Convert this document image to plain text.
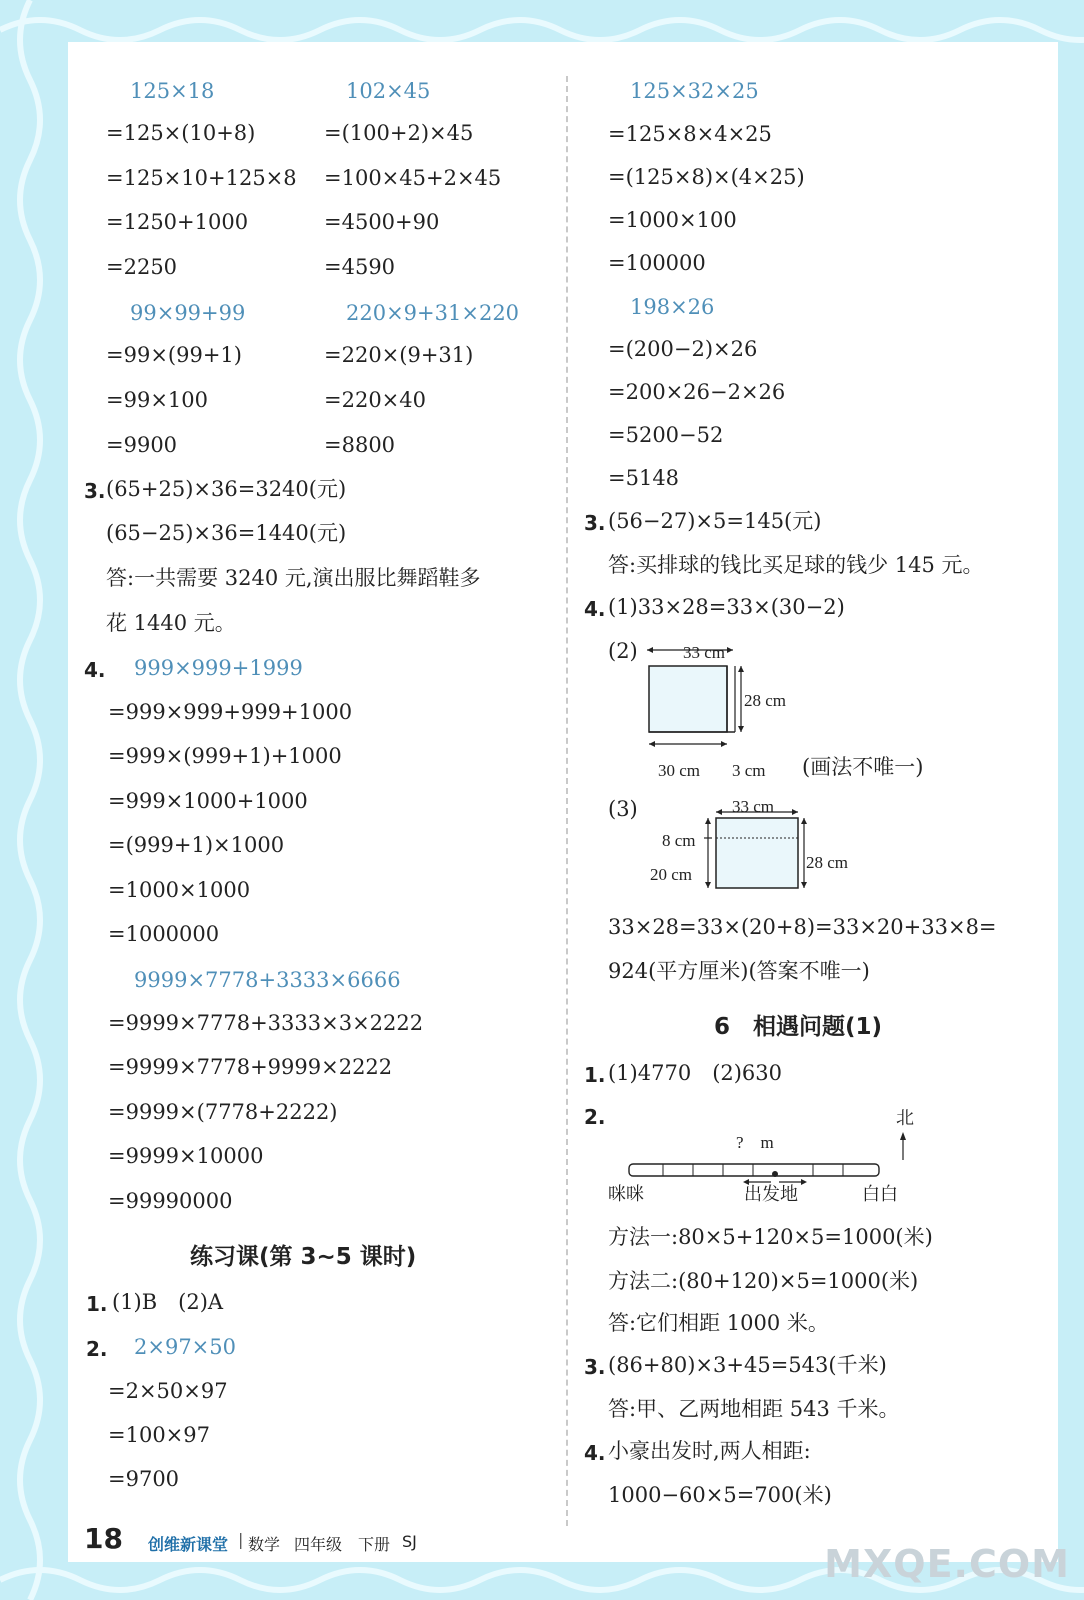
125×18
=125×(10+8)
=125×10+125×8
=1250+1000
=2250
102×45
=(100+2)×45
=100×45+2×45
=4500+90
=4590
99×99+99
=99×(99+1)
=99×100
=9900
220×9+31×220
=220×(9+31)
=220×40
=8800
3. (65+25)×36=3240(元)
(65−25)×36=1440(元)
答:一共需要 3240 元,演出服比舞蹈鞋多
花 1440 元。
4. 999×999+1999
=999×999+999+1000
=999×(999+1)+1000
=999×1000+1000
=(999+1)×1000
=1000×1000
=1000000
9999×7778+3333×6666
=9999×7778+3333×3×2222
=9999×7778+9999×2222
=9999×(7778+2222)
=9999×10000
=99990000
练习课(第 3~5 课时)
1. (1)B　(2)A
2. 2×97×50
=2×50×97
=100×97
=9700
125×32×25
=125×8×4×25
=(125×8)×(4×25)
=1000×100
=100000
198×26
=(200−2)×26
=200×26−2×26
=5200−52
=5148
3. (56−27)×5=145(元)
答:买排球的钱比买足球的钱少 145 元。
4. (1)33×28=33×(30−2)
(2)	33 cm
28 cm
30 cm 3 cm (画法不唯一)
(3)	33 cm
8 cm
20 cm
28 cm
33×28=33×(20+8)=33×20+33×8=
924(平方厘米)(答案不唯一)
6　相遇问题(1)
1. (1)4770　(2)630
2.	北
?　m
咪咪	出发地	白白
方法一:80×5+120×5=1000(米)
方法二:(80+120)×5=1000(米)
答:它们相距 1000 米。
3. (86+80)×3+45=543(千米)
答:甲、乙两地相距 543 千米。
4. 小豪出发时,两人相距:
1000−60×5=700(米)
18 创维新课堂 | 数学 四年级 下册 SJ
MXQE.COM
